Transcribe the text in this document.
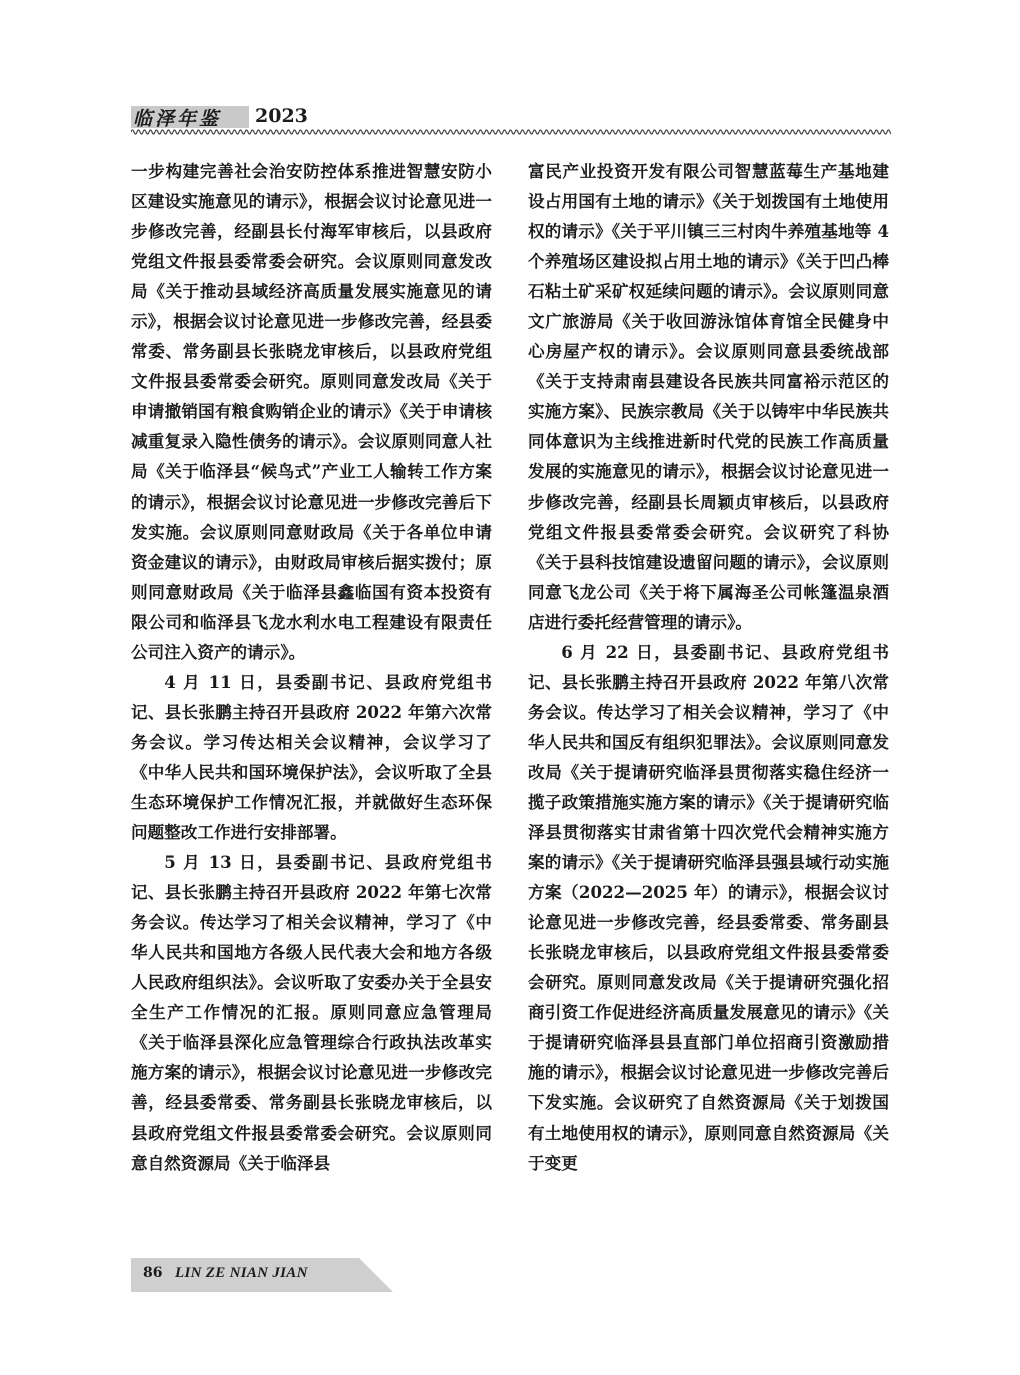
临泽年鉴 2023

一步构建完善社会治安防控体系推进智慧安防小区建设实施意见的请示》，根据会议讨论意见进一步修改完善，经副县长付海军审核后，以县政府党组文件报县委常委会研究。会议原则同意发改局《关于推动县域经济高质量发展实施意见的请示》，根据会议讨论意见进一步修改完善，经县委常委、常务副县长张晓龙审核后，以县政府党组文件报县委常委会研究。原则同意发改局《关于申请撤销国有粮食购销企业的请示》《关于申请核减重复录入隐性债务的请示》。会议原则同意人社局《关于临泽县“候鸟式”产业工人输转工作方案的请示》，根据会议讨论意见进一步修改完善后下发实施。会议原则同意财政局《关于各单位申请资金建议的请示》，由财政局审核后据实拨付；原则同意财政局《关于临泽县鑫临国有资本投资有限公司和临泽县飞龙水利水电工程建设有限责任公司注入资产的请示》。

4 月 11 日，县委副书记、县政府党组书记、县长张鹏主持召开县政府 2022 年第六次常务会议。学习传达相关会议精神，会议学习了《中华人民共和国环境保护法》，会议听取了全县生态环境保护工作情况汇报，并就做好生态环保问题整改工作进行安排部署。

5 月 13 日，县委副书记、县政府党组书记、县长张鹏主持召开县政府 2022 年第七次常务会议。传达学习了相关会议精神，学习了《中华人民共和国地方各级人民代表大会和地方各级人民政府组织法》。会议听取了安委办关于全县安全生产工作情况的汇报。原则同意应急管理局《关于临泽县深化应急管理综合行政执法改革实施方案的请示》，根据会议讨论意见进一步修改完善，经县委常委、常务副县长张晓龙审核后，以县政府党组文件报县委常委会研究。会议原则同意自然资源局《关于临泽县

富民产业投资开发有限公司智慧蓝莓生产基地建设占用国有土地的请示》《关于划拨国有土地使用权的请示》《关于平川镇三三村肉牛养殖基地等 4 个养殖场区建设拟占用土地的请示》《关于凹凸棒石粘土矿采矿权延续问题的请示》。会议原则同意文广旅游局《关于收回游泳馆体育馆全民健身中心房屋产权的请示》。会议原则同意县委统战部《关于支持肃南县建设各民族共同富裕示范区的实施方案》、民族宗教局《关于以铸牢中华民族共同体意识为主线推进新时代党的民族工作高质量发展的实施意见的请示》，根据会议讨论意见进一步修改完善，经副县长周颖贞审核后，以县政府党组文件报县委常委会研究。会议研究了科协《关于县科技馆建设遗留问题的请示》，会议原则同意飞龙公司《关于将下属海圣公司帐篷温泉酒店进行委托经营管理的请示》。

6 月 22 日，县委副书记、县政府党组书记、县长张鹏主持召开县政府 2022 年第八次常务会议。传达学习了相关会议精神，学习了《中华人民共和国反有组织犯罪法》。会议原则同意发改局《关于提请研究临泽县贯彻落实稳住经济一揽子政策措施实施方案的请示》《关于提请研究临泽县贯彻落实甘肃省第十四次党代会精神实施方案的请示》《关于提请研究临泽县强县域行动实施方案（2022—2025 年）的请示》，根据会议讨论意见进一步修改完善，经县委常委、常务副县长张晓龙审核后，以县政府党组文件报县委常委会研究。原则同意发改局《关于提请研究强化招商引资工作促进经济高质量发展意见的请示》《关于提请研究临泽县县直部门单位招商引资激励措施的请示》，根据会议讨论意见进一步修改完善后下发实施。会议研究了自然资源局《关于划拨国有土地使用权的请示》，原则同意自然资源局《关于变更

86 LIN ZE NIAN JIAN
